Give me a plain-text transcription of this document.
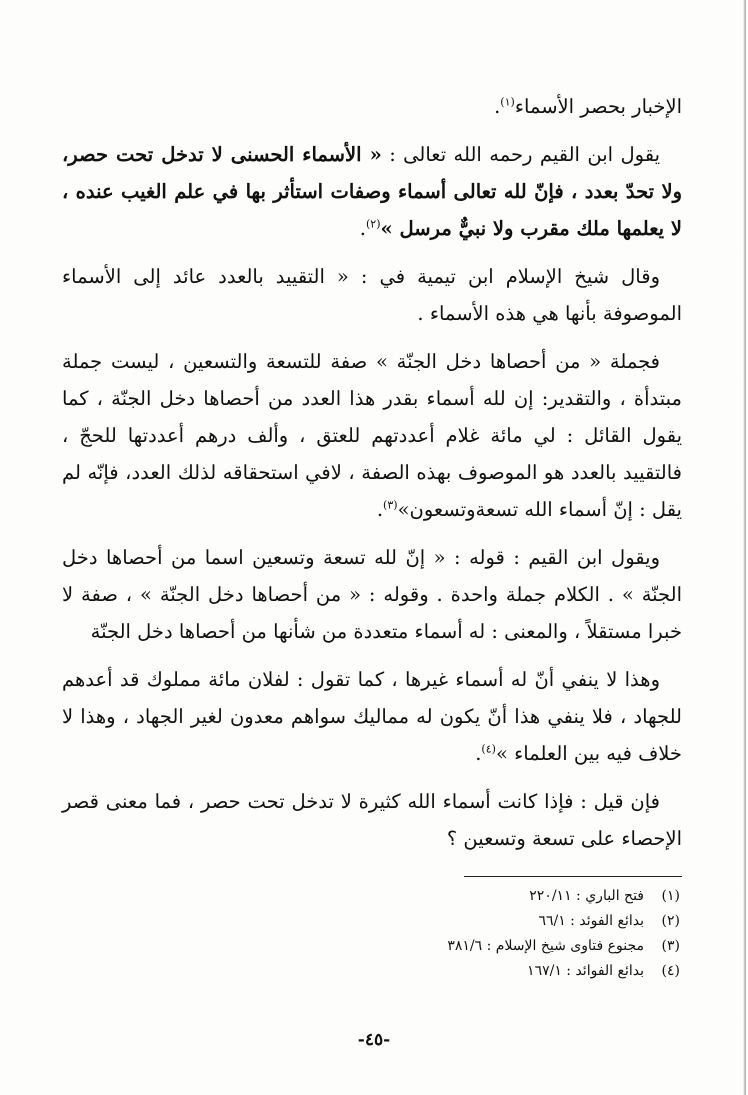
الإخبار بحصر الأسماء$^{(١)}$.

يقول ابن القيم رحمه الله تعالى : « الأسماء الحسنى لا تدخل تحت حصر، ولا تحدّ بعدد ، فإنّ لله تعالى أسماء وصفات استأثر بها في علم الغيب عنده ، لا يعلمها ملك مقرب ولا نبيٌّ مرسل »$^{(٢)}$.

وقال شيخ الإسلام ابن تيمية في : « التقييد بالعدد عائد إلى الأسماء الموصوفة بأنها هي هذه الأسماء .

فجملة « من أحصاها دخل الجنّة » صفة للتسعة والتسعين ، ليست جملة مبتدأة ، والتقدير: إن لله أسماء بقدر هذا العدد من أحصاها دخل الجنّة ، كما يقول القائل : لي مائة غلام أعددتهم للعتق ، وألف درهم أعددتها للحجّ ، فالتقييد بالعدد هو الموصوف بهذه الصفة ، لافي استحقاقه لذلك العدد، فإنّه لم يقل : إنّ أسماء الله تسعةوتسعون»$^{(٣)}$.

ويقول ابن القيم : قوله : « إنّ لله تسعة وتسعين اسما من أحصاها دخل الجنّة » . الكلام جملة واحدة . وقوله : « من أحصاها دخل الجنّة » ، صفة لا خبرا مستقلاً ، والمعنى : له أسماء متعددة من شأنها من أحصاها دخل الجنّة

وهذا لا ينفي أنّ له أسماء غيرها ، كما تقول : لفلان مائة مملوك قد أعدهم للجهاد ، فلا ينفي هذا أنّ يكون له مماليك سواهم معدون لغير الجهاد ، وهذا لا خلاف فيه بين العلماء »$^{(٤)}$.

فإن قيل : فإذا كانت أسماء الله كثيرة لا تدخل تحت حصر ، فما معنى قصر الإحصاء على تسعة وتسعين ؟

(١)
فتح الباري : ٢٢٠/١١
(٢)
بدائع الفوئد : ٦٦/١
(٣)
مجنوع فتاوى شيخ الإسلام : ٣٨١/٦
(٤)
بدائع الفوائد : ١٦٧/١
-٤٥-
